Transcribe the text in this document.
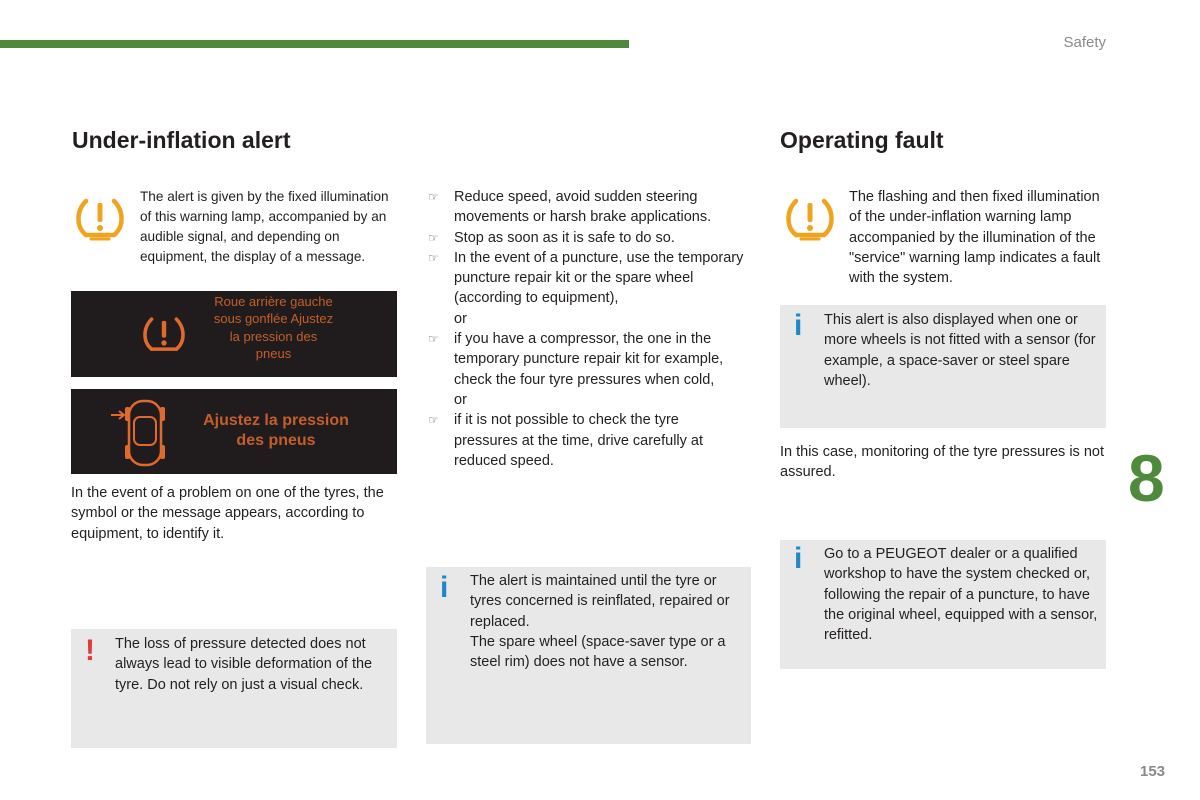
Safety
Under-inflation alert
The alert is given by the fixed illumination of this warning lamp, accompanied by an audible signal, and depending on equipment, the display of a message.
Roue arrière gauche sous gonflée Ajustez la pression des pneus
Ajustez la pression des pneus
In the event of a problem on one of the tyres, the symbol or the message appears, according to equipment, to identify it.
! The loss of pressure detected does not always lead to visible deformation of the tyre. Do not rely on just a visual check.
☞ Reduce speed, avoid sudden steering movements or harsh brake applications.
☞ Stop as soon as it is safe to do so.
☞ In the event of a puncture, use the temporary puncture repair kit or the spare wheel (according to equipment),
or
☞ if you have a compressor, the one in the temporary puncture repair kit for example, check the four tyre pressures when cold,
or
☞ if it is not possible to check the tyre pressures at the time, drive carefully at reduced speed.
i The alert is maintained until the tyre or tyres concerned is reinflated, repaired or replaced.
The spare wheel (space-saver type or a steel rim) does not have a sensor.
Operating fault
The flashing and then fixed illumination of the under-inflation warning lamp accompanied by the illumination of the "service" warning lamp indicates a fault with the system.
i This alert is also displayed when one or more wheels is not fitted with a sensor (for example, a space-saver or steel spare wheel).
In this case, monitoring of the tyre pressures is not assured.
i Go to a PEUGEOT dealer or a qualified workshop to have the system checked or, following the repair of a puncture, to have the original wheel, equipped with a sensor, refitted.
8
153
